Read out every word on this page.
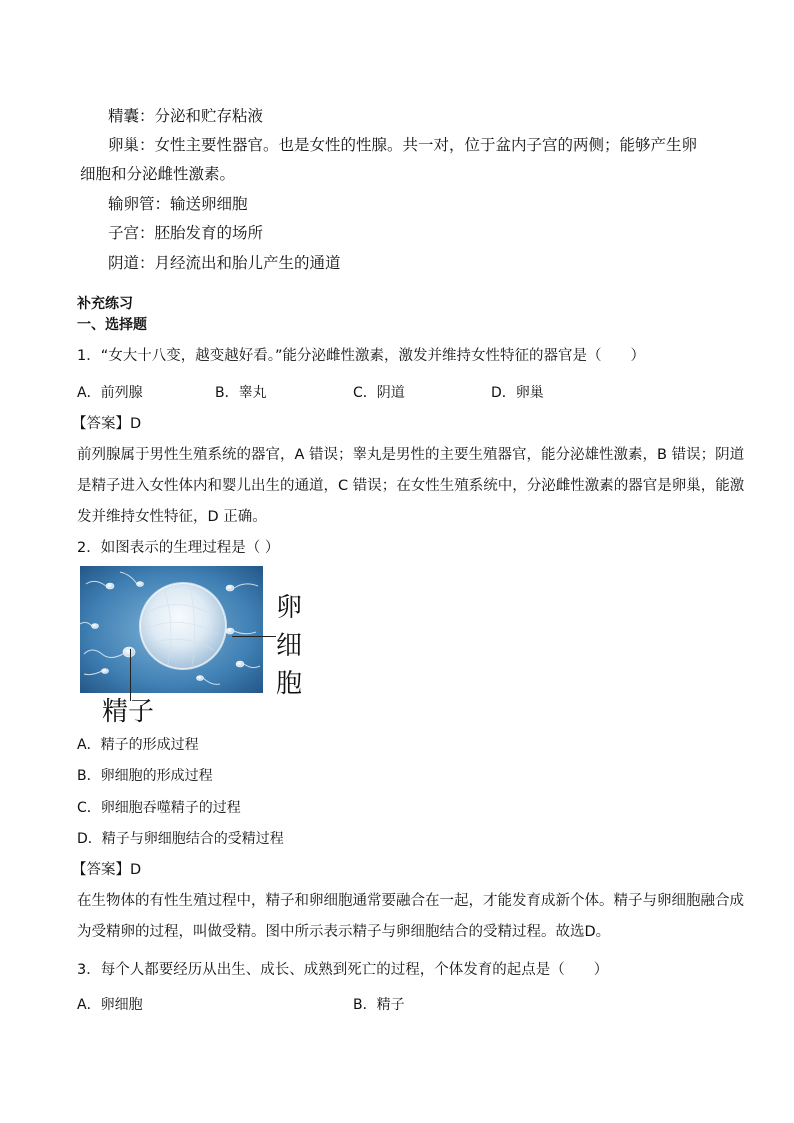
精囊：分泌和贮存粘液
卵巢：女性主要性器官。也是女性的性腺。共一对，位于盆内子宫的两侧；能够产生卵
细胞和分泌雌性激素。
输卵管：输送卵细胞
子宫：胚胎发育的场所
阴道：月经流出和胎儿产生的通道
补充练习
一、选择题
1．“女大十八变，越变越好看。”能分泌雌性激素，激发并维持女性特征的器官是（　　）
A．前列腺	B．睾丸	C．阴道	D．卵巢
【答案】D
前列腺属于男性生殖系统的器官，A 错误；睾丸是男性的主要生殖器官，能分泌雄性激素，B 错误；阴道
是精子进入女性体内和婴儿出生的通道，C 错误；在女性生殖系统中，分泌雌性激素的器官是卵巢，能激
发并维持女性特征，D 正确。
2．如图表示的生理过程是（ ）
卵
细
胞
精子
A．精子的形成过程
B．卵细胞的形成过程
C．卵细胞吞噬精子的过程
D．精子与卵细胞结合的受精过程
【答案】D
在生物体的有性生殖过程中，精子和卵细胞通常要融合在一起，才能发育成新个体。精子与卵细胞融合成
为受精卵的过程，叫做受精。图中所示表示精子与卵细胞结合的受精过程。故选D。
3．每个人都要经历从出生、成长、成熟到死亡的过程，个体发育的起点是（　　）
A．卵细胞	B．精子
